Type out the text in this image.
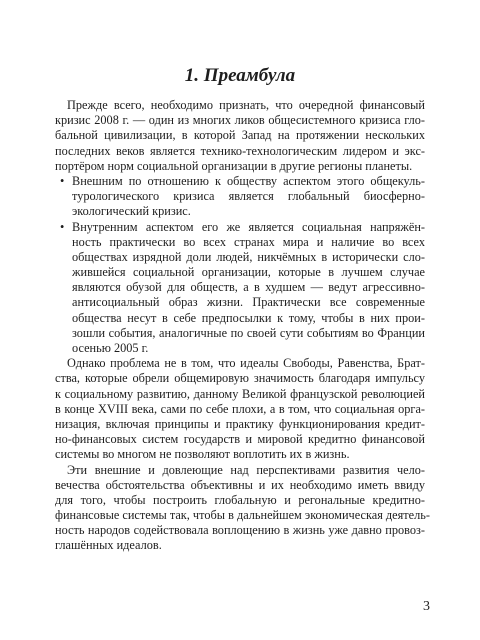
1. Преамбула
Прежде всего, необходимо признать, что очередной финансовый
кризис 2008 г. — один из многих ликов общесистемного кризиса гло-
бальной цивилизации, в которой Запад на протяжении нескольких
последних веков является технико-технологическим лидером и экс-
портёром норм социальной организации в другие регионы планеты.
• Внешним по отношению к обществу аспектом этого общекуль-
турологического кризиса является глобальный биосферно-
экологический кризис.
• Внутренним аспектом его же является социальная напряжён-
ность практически во всех странах мира и наличие во всех
обществах изрядной доли людей, никчёмных в исторически сло-
жившейся социальной организации, которые в лучшем случае
являются обузой для обществ, а в худшем — ведут агрессивно-
антисоциальный образ жизни. Практически все современные
общества несут в себе предпосылки к тому, чтобы в них прои-
зошли события, аналогичные по своей сути событиям во Франции
осенью 2005 г.
Однако проблема не в том, что идеалы Свободы, Равенства, Брат-
ства, которые обрели общемировую значимость благодаря импульсу
к социальному развитию, данному Великой французской революцией
в конце XVIII века, сами по себе плохи, а в том, что социальная орга-
низация, включая принципы и практику функционирования кредит-
но-финансовых систем государств и мировой кредитно финансовой
системы во многом не позволяют воплотить их в жизнь.
Эти внешние и довлеющие над перспективами развития чело-
вечества обстоятельства объективны и их необходимо иметь ввиду
для того, чтобы построить глобальную и регональные кредитно-
финансовые системы так, чтобы в дальнейшем экономическая деятель-
ность народов содействовала воплощению в жизнь уже давно провоз-
глашённых идеалов.
3
